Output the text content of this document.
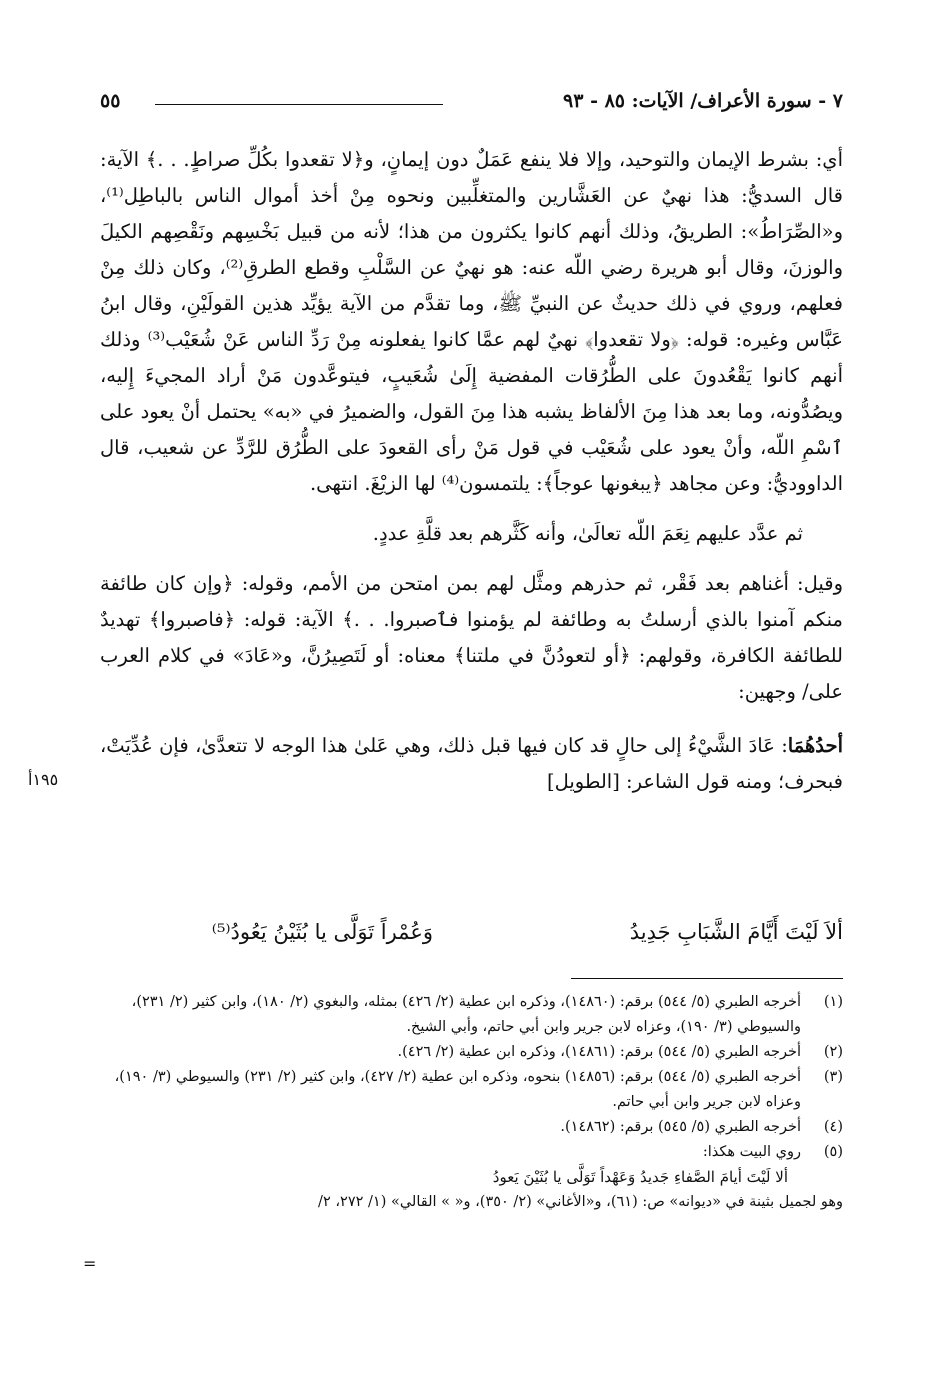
٧ - سورة الأعراف/ الآيات: ٨٥ - ٩٣
٥٥

أي: بشرط الإيمان والتوحيد، وإلا فلا ينفع عَمَلٌ دون إيمانٍ، و﴿لا تقعدوا بكُلِّ صراطٍ. . .﴾ الآية: قال السديُّ: هذا نهيٌ عن العَشَّارين والمتغلِّبين ونحوه مِنْ أخذ أموال الناس بالباطِل⁽¹⁾، و«الصِّرَاطُ»: الطريقُ، وذلك أنهم كانوا يكثرون من هذا؛ لأنه من قبيل بَخْسِهم ونَقْصِهم الكيلَ والوزنَ، وقال أبو هريرة رضي اللّه عنه: هو نهيٌ عن السَّلْبِ وقطع الطرقِ⁽²⁾، وكان ذلك مِنْ فعلهم، وروي في ذلك حديثٌ عن النبيِّ ﷺ، وما تقدَّم من الآية يؤيِّد هذين القولَيْنِ، وقال ابنُ عَبَّاس وغيره: قوله: ﴿ولا تقعدوا﴾ نهيٌ لهم عمَّا كانوا يفعلونه مِنْ رَدِّ الناس عَنْ شُعَيْب⁽³⁾ وذلك أنهم كانوا يَقْعُدونَ على الطُّرُقات المفضية إِلَىٰ شُعَيبٍ، فيتوعَّدون مَنْ أراد المجيءَ إِليه، ويصُدُّونه، وما بعد هذا مِنَ الألفاظ يشبه هذا مِنَ القول، والضميرُ في «به» يحتمل أنْ يعود على ٱسْمِ اللّه، وأنْ يعود على شُعَيْب في قول مَنْ رأى القعودَ على الطُّرُق للرَّدِّ عن شعيب، قال الداووديُّ: وعن مجاهد ﴿يبغونها عوجاً﴾: يلتمسون⁽⁴⁾ لها الزيْغَ. انتهى.

ثم عدَّد عليهم نِعَمَ اللّه تعالَىٰ، وأنه كَثَّرهم بعد قلَّةِ عددٍ.

وقيل: أغناهم بعد فَقْر، ثم حذرهم ومثَّل لهم بمن امتحن من الأمم، وقوله: ﴿وإن كان طائفة منكم آمنوا بالذي أرسلتُ به وطائفة لم يؤمنوا فٱصبروا. . .﴾ الآية: قوله: ﴿فاصبروا﴾ تهديدٌ للطائفة الكافرة، وقولهم: ﴿أو لتعودُنَّ في ملتنا﴾ معناه: أو لَتَصِيرُنَّ، و«عَادَ» في كلام العرب على/ وجهين:

أحدُهُمَا: عَادَ الشَّيْءُ إلى حالٍ قد كان فيها قبل ذلك، وهي عَلىٰ هذا الوجه لا تتعدَّىٰ، فإن عُدِّيَتْ، فبحرف؛ ومنه قول الشاعر: [الطويل]

١٩٥أ
ألاَ لَيْتَ أَيَّامَ الشَّبَابِ جَدِيدُ
وَعُمْراً تَوَلَّى يا بُثَيْنُ يَعُودُ⁽⁵⁾
(١)
أخرجه الطبري (٥/ ٥٤٤) برقم: (١٤٨٦٠)، وذكره ابن عطية (٢/ ٤٢٦) بمثله، والبغوي (٢/ ١٨٠)، وابن كثير (٢/ ٢٣١)، والسيوطي (٣/ ١٩٠)، وعزاه لابن جرير وابن أبي حاتم، وأبي الشيخ.
(٢)
أخرجه الطبري (٥/ ٥٤٤) برقم: (١٤٨٦١)، وذكره ابن عطية (٢/ ٤٢٦).
(٣)
أخرجه الطبري (٥/ ٥٤٤) برقم: (١٤٨٥٦) بنحوه، وذكره ابن عطية (٢/ ٤٢٧)، وابن كثير (٢/ ٢٣١) والسيوطي (٣/ ١٩٠)، وعزاه لابن جرير وابن أبي حاتم.
(٤)
أخرجه الطبري (٥/ ٥٤٥) برقم: (١٤٨٦٢).
(٥)
روي البيت هكذا:
ألا لَيْتَ أيامَ الصَّفاءِ جَديدُ وَعَهْداً تَوَلَّى يا بُثَيْنَ يَعودُ
وهو لجميل بثينة في «ديوانه» ص: (٦١)، و«الأغاني» (٢/ ٣٥٠)، و« » القالي» (١/ ٢٧٢، ٢/
=
